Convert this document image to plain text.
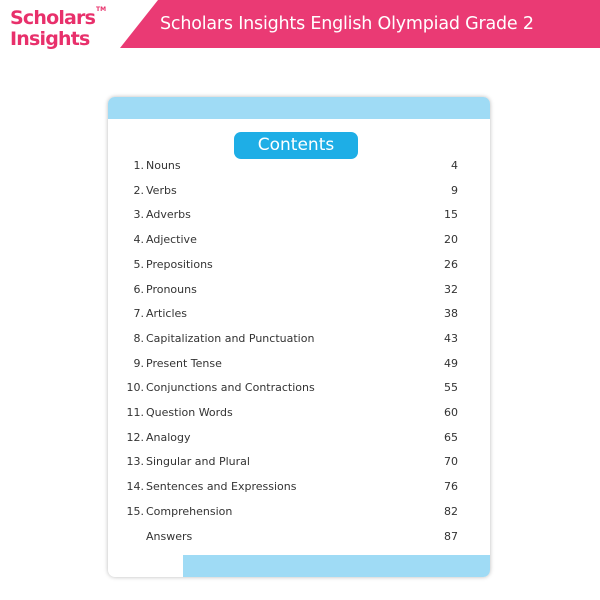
Scholars TM
Insights
Scholars Insights English Olympiad Grade 2
Contents
1. Nouns	4
2. Verbs	9
3. Adverbs	15
4. Adjective	20
5. Prepositions	26
6. Pronouns	32
7. Articles	38
8. Capitalization and Punctuation	43
9. Present Tense	49
10. Conjunctions and Contractions	55
11. Question Words	60
12. Analogy	65
13. Singular and Plural	70
14. Sentences and Expressions	76
15. Comprehension	82
Answers	87
